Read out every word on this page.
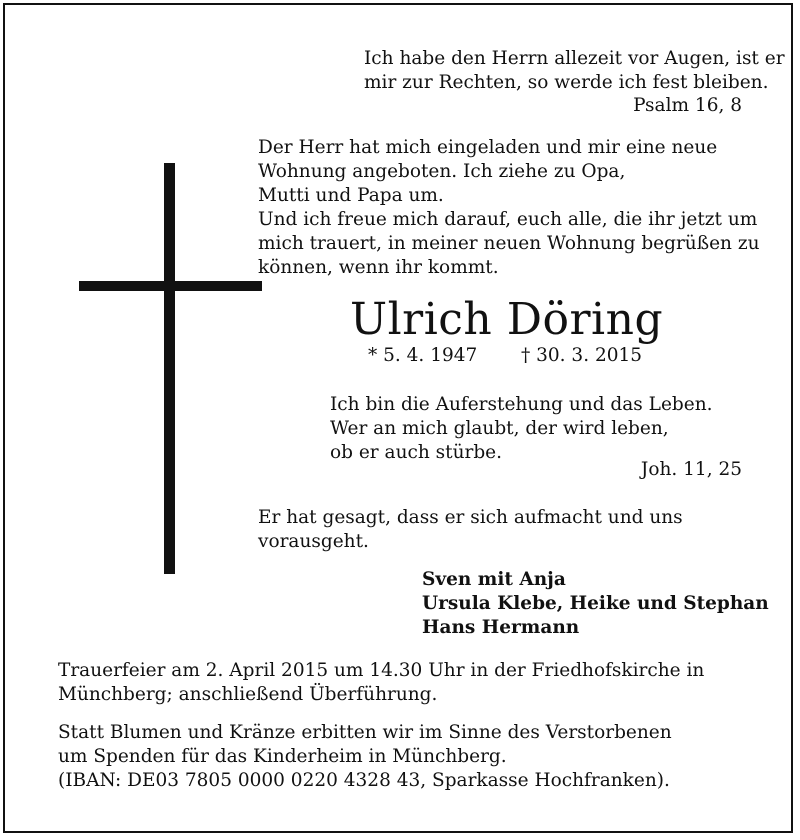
Ich habe den Herrn allezeit vor Augen, ist er
mir zur Rechten, so werde ich fest bleiben.
Psalm 16, 8
Der Herr hat mich eingeladen und mir eine neue
Wohnung angeboten. Ich ziehe zu Opa,
Mutti und Papa um.
Und ich freue mich darauf, euch alle, die ihr jetzt um
mich trauert, in meiner neuen Wohnung begrüßen zu
können, wenn ihr kommt.
Ulrich Döring
* 5. 4. 1947 † 30. 3. 2015
Ich bin die Auferstehung und das Leben.
Wer an mich glaubt, der wird leben,
ob er auch stürbe.
Joh. 11, 25
Er hat gesagt, dass er sich aufmacht und uns
vorausgeht.
Sven mit Anja
Ursula Klebe, Heike und Stephan
Hans Hermann
Trauerfeier am 2. April 2015 um 14.30 Uhr in der Friedhofskirche in
Münchberg; anschließend Überführung.
Statt Blumen und Kränze erbitten wir im Sinne des Verstorbenen
um Spenden für das Kinderheim in Münchberg.
(IBAN: DE03 7805 0000 0220 4328 43, Sparkasse Hochfranken).
